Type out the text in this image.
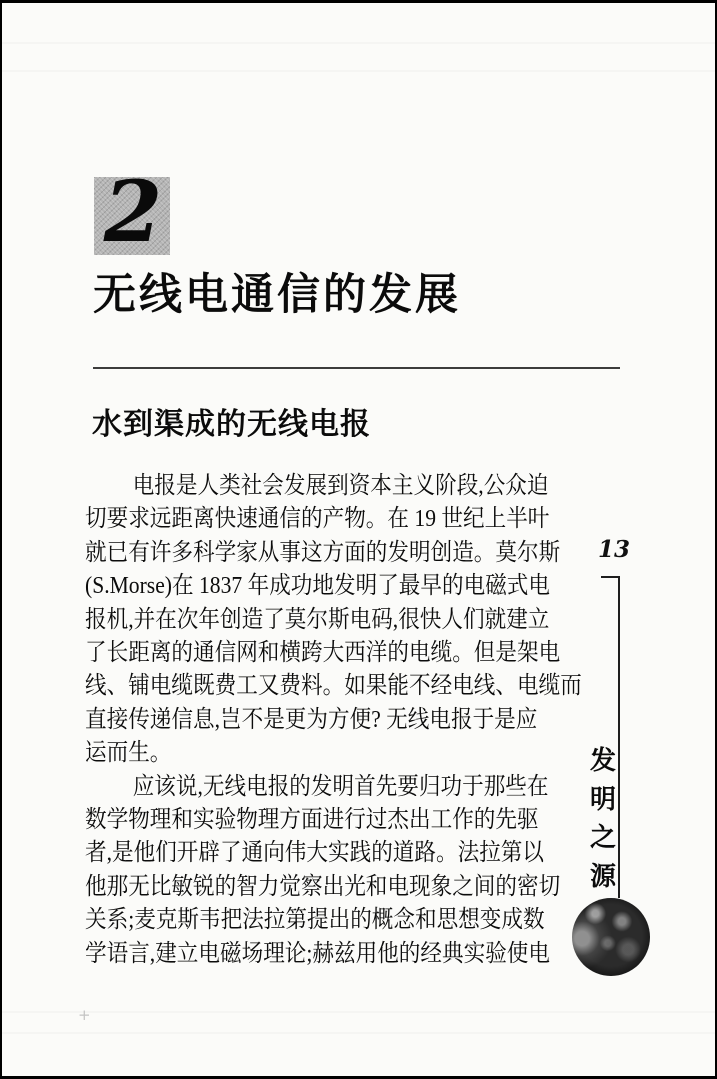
2
无线电通信的发展
水到渠成的无线电报
电报是人类社会发展到资本主义阶段,公众迫
切要求远距离快速通信的产物。在 19 世纪上半叶
就已有许多科学家从事这方面的发明创造。莫尔斯
(S.Morse)在 1837 年成功地发明了最早的电磁式电
报机,并在次年创造了莫尔斯电码,很快人们就建立
了长距离的通信网和横跨大西洋的电缆。但是架电
线、铺电缆既费工又费料。如果能不经电线、电缆而
直接传递信息,岂不是更为方便? 无线电报于是应
运而生。
应该说,无线电报的发明首先要归功于那些在
数学物理和实验物理方面进行过杰出工作的先驱
者,是他们开辟了通向伟大实践的道路。法拉第以
他那无比敏锐的智力觉察出光和电现象之间的密切
关系;麦克斯韦把法拉第提出的概念和思想变成数
学语言,建立电磁场理论;赫兹用他的经典实验使电
13
发
明
之
源
+
